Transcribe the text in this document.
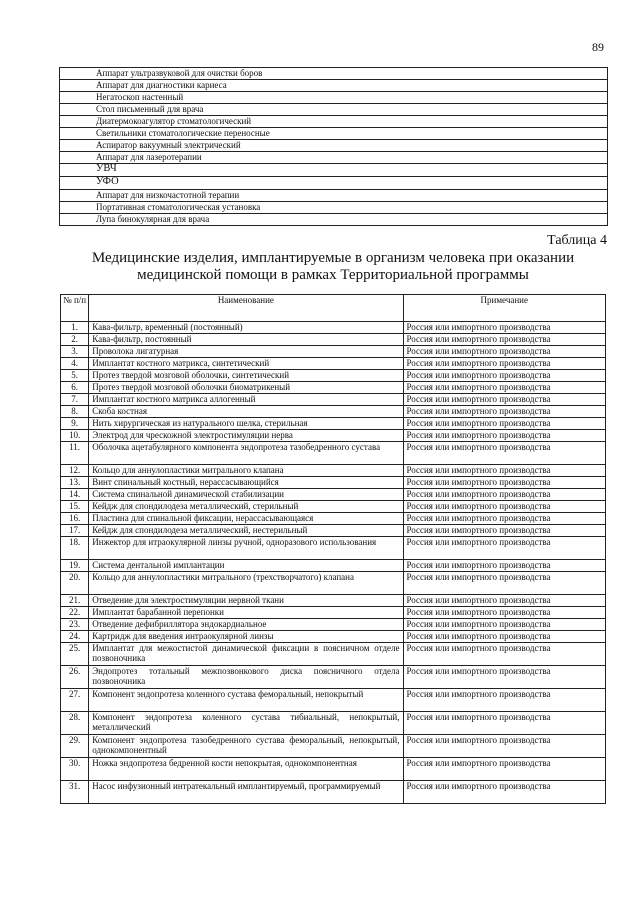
89
Аппарат ультразвуковой для очистки боров
Аппарат для диагностики кариеса
Негатоскоп настенный
Стол письменный для врача
Диатермокоагулятор стоматологический
Светильники стоматологические переносные
Аспиратор вакуумный электрический
Аппарат для лазеротерапии
УВЧ
УФО
Аппарат для низкочастотной терапии
Портативная стоматологическая установка
Лупа бинокулярная для врача
Таблица 4
Медицинские изделия, имплантируемые в организм человека при оказании медицинской помощи в рамках Территориальной программы
№ п/п	Наименование	Примечание
1.	Кава-фильтр, временный (постоянный)	Россия или импортного производства
2.	Кава-фильтр, постоянный	Россия или импортного производства
3.	Проволока лигатурная	Россия или импортного производства
4.	Имплантат костного матрикса, синтетический	Россия или импортного производства
5.	Протез твердой мозговой оболочки, синтетический	Россия или импортного производства
6.	Протез твердой мозговой оболочки биоматрикеный	Россия или импортного производства
7.	Имплантат костного матрикса аллогенный	Россия или импортного производства
8.	Скоба костная	Россия или импортного производства
9.	Нить хирургическая из натурального шелка, стерильная	Россия или импортного производства
10.	Электрод для чрескожной электростимуляции нерва	Россия или импортного производства
11.	Оболочка ацетабулярного компонента эндопротеза тазобедренного сустава	Россия или импортного производства
12.	Кольцо для аннулопластики митрального клапана	Россия или импортного производства
13.	Винт спинальный костный, нерассасывающийся	Россия или импортного производства
14.	Система спинальной динамической стабилизации	Россия или импортного производства
15.	Кейдж для спондилодеза металлический, стерильный	Россия или импортного производства
16.	Пластина для спинальной фиксации, нерассасывающаяся	Россия или импортного производства
17.	Кейдж для спондилодеза металлический, нестерильный	Россия или импортного производства
18.	Инжектор для итраокулярной линзы ручной, одноразового использования	Россия или импортного производства
19.	Система дентальной имплантации	Россия или импортного производства
20.	Кольцо для аннулопластики митрального (трехстворчатого) клапана	Россия или импортного производства
21.	Отведение для электростимуляции нервной ткани	Россия или импортного производства
22.	Имплантат барабанной перепонки	Россия или импортного производства
23.	Отведение дефибриллятора эндокардиальное	Россия или импортного производства
24.	Картридж для введения интраокулярной линзы	Россия или импортного производства
25.	Имплантат для межостистой динамической фиксации в поясничном отделе позвоночника	Россия или импортного производства
26.	Эндопротез тотальный межпозвонкового диска поясничного отдела позвоночника	Россия или импортного производства
27.	Компонент эндопротеза коленного сустава феморальный, непокрытый	Россия или импортного производства
28.	Компонент эндопротеза коленного сустава тибиальный, непокрытый, металлический	Россия или импортного производства
29.	Компонент эндопротеза тазобедренного сустава феморальный, непокрытый, однокомпонентный	Россия или импортного производства
30.	Ножка эндопротеза бедренной кости непокрытая, однокомпонентная	Россия или импортного производства
31.	Насос инфузионный интратекальный имплантируемый, программируемый	Россия или импортного производства
